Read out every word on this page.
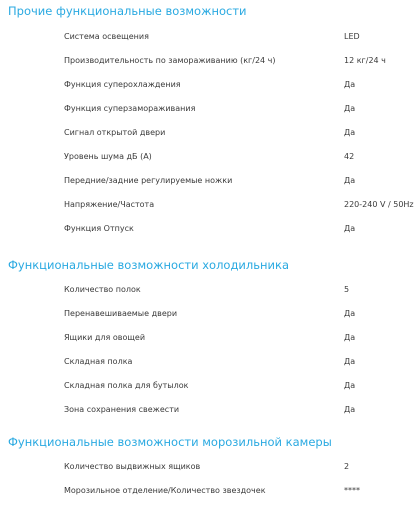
Прочие функциональные возможности
Система освещения	LED
Производительность по замораживанию (кг/24 ч)	12 кг/24 ч
Функция суперохлаждения	Да
Функция суперзамораживания	Да
Сигнал открытой двери	Да
Уровень шума дБ (А)	42
Передние/задние регулируемые ножки	Да
Напряжение/Частота	220-240 V / 50Hz
Функция Отпуск	Да
Функциональные возможности холодильника
Количество полок	5
Перенавешиваемые двери	Да
Ящики для овощей	Да
Складная полка	Да
Складная полка для бутылок	Да
Зона сохранения свежести	Да
Функциональные возможности морозильной камеры
Количество выдвижных ящиков	2
Морозильное отделение/Количество звездочек	****
